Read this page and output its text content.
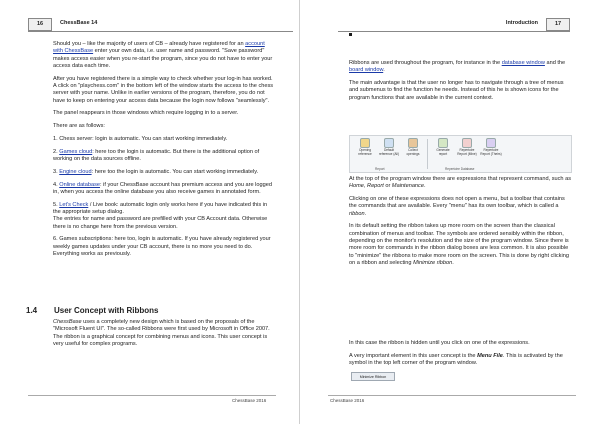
16	ChessBase 14

Should you – like the majority of users of CB – already have registered for an account with ChessBase enter your own data, i.e. user name and password. "Save password" makes access easier when you re-start the program, since you do not have to enter your access data each time.

After you have registered there is a simple way to check whether your log-in has worked. A click on "playchess.com" in the bottom left of the window starts the access to the chess server with your name. Unlike in earlier versions of the program, therefore, you do not have to keep on entering your access data because the login now follows "seamlessly".

The panel reappears in those windows which require logging in to a server.

There are as follows:

1. Chess server: login is automatic. You can start working immediately.

2. Games cloud: here too the login is automatic. But there is the additional option of working on the data sources offline.

3. Engine cloud: here too the login is automatic. You can start working immediately.

4. Online database: if your ChessBase account has premium access and you are logged in, when you access the online database you also receive games in annotated form.

5. Let's Check / Live book: automatic login only works here if you have indicated this in the appropriate setup dialog.
The entries for name and password are prefilled with your CB Account data. Otherwise there is no change here from the previous version.

6. Games subscriptions: here too, login is automatic. If you have already registered your weekly games updates under your CB account, there is no more you need to do. Everything works as previously.

1.4 User Concept with Ribbons
ChessBase uses a completely new design which is based on the proposals of the "Microsoft Fluent UI". The so-called Ribbons were first used by Microsoft in Office 2007. The ribbon is a graphical concept for combining menus and icons. This user concept is very useful for complex programs.
ChessBase 2016
Introduction	17

Ribbons are used throughout the program, for instance in the database window and the board window.

The main advantage is that the user no longer has to navigate through a tree of menus and submenus to find the function he needs. Instead of this he is shown icons for the program functions that are available in the current context.

Opening reference
Default reference (All)
Collect openings
Generate report
Repertoire Report (Mine)
Repertoire Report (Theirs)
Report	Repertoire Database

At the top of the program window there are expressions that represent command, such as Home, Report or Maintenance.

Clicking on one of these expressions does not open a menu, but a toolbar that contains the commands that are available. Every "menu" has its own toolbar, which is called a ribbon.

In its default setting the ribbon takes up more room on the screen than the classical combination of menus and toolbar. The symbols are ordered sensibly within the ribbon, depending on the monitor's resolution and the size of the program window. Since there is more room for commands in the ribbon dialog boxes are less common. It is also possible to "minimize" the ribbons to make more room on the screen. This is done by right clicking on a ribbon and selecting Minimize ribbon.

Minimize Ribbon

In this case the ribbon is hidden until you click on one of the expressions.

A very important element in this user concept is the Menu File. This is activated by the symbol in the top left corner of the program window.

ChessBase 2016
